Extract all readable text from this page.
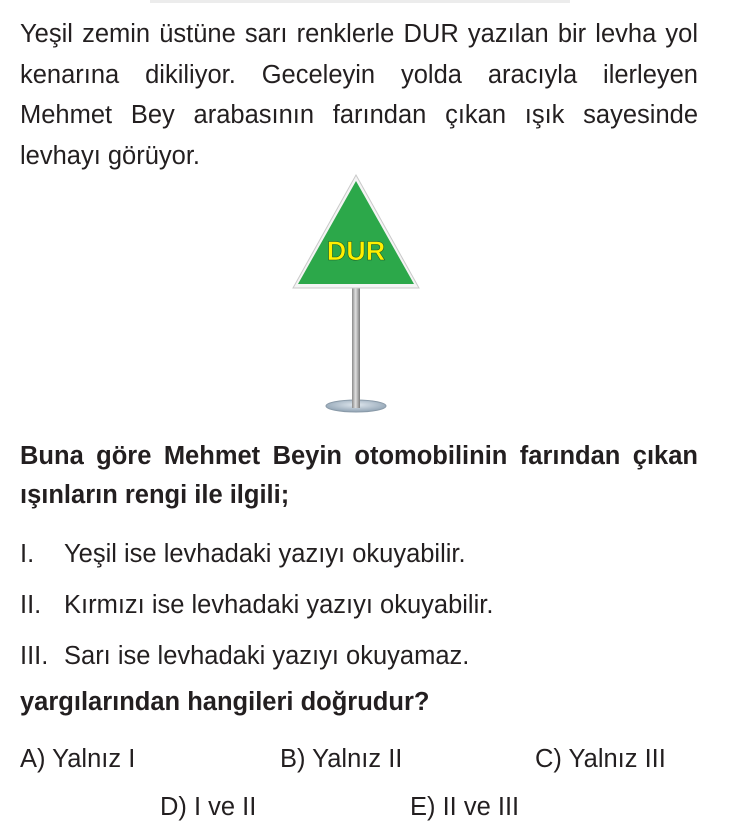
Yeşil zemin üstüne sarı renklerle DUR yazılan bir levha yol kenarına dikiliyor. Geceleyin yolda aracıyla ilerleyen Mehmet Bey arabasının farından çıkan ışık sayesinde levhayı görüyor.

DUR

Buna göre Mehmet Beyin otomobilinin farından çıkan ışınların rengi ile ilgili;

I. Yeşil ise levhadaki yazıyı okuyabilir.
II. Kırmızı ise levhadaki yazıyı okuyabilir.
III. Sarı ise levhadaki yazıyı okuyamaz.
yargılarından hangileri doğrudur?
A) Yalnız I	B) Yalnız II	C) Yalnız III
D) I ve II	E) II ve III
